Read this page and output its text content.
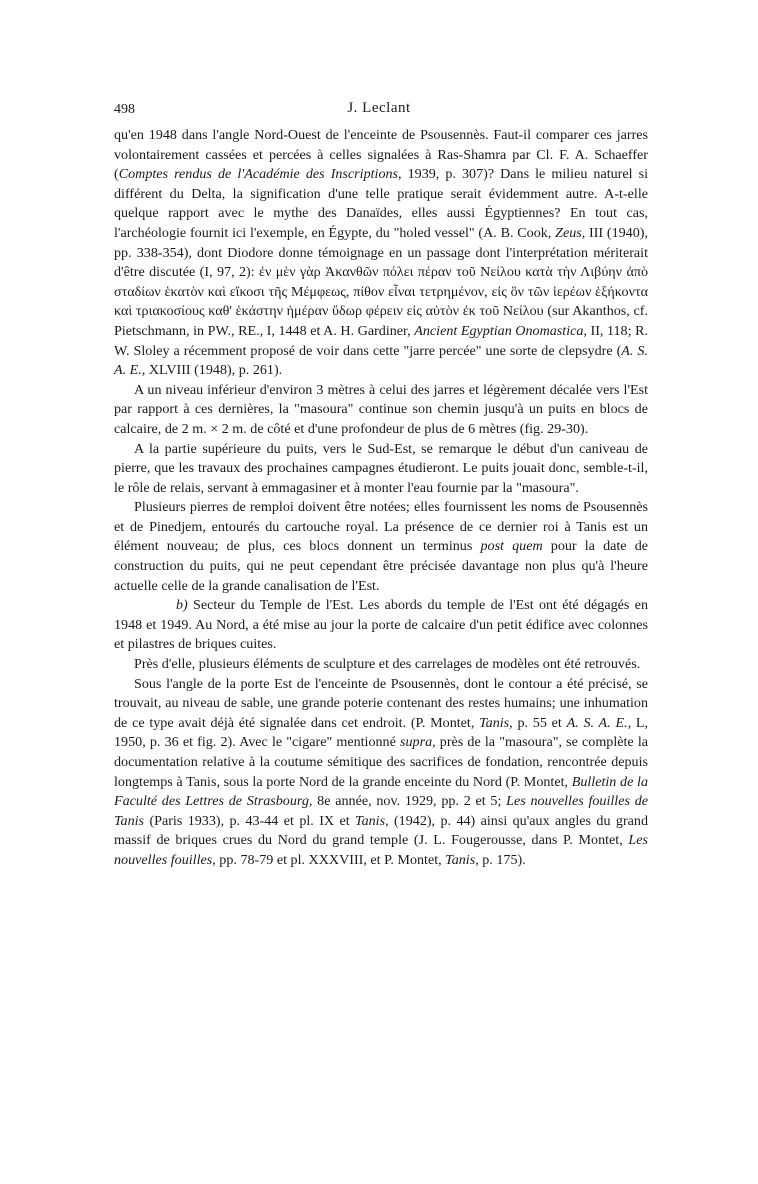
498	J. Leclant

qu'en 1948 dans l'angle Nord-Ouest de l'enceinte de Psousennès. Faut-il comparer ces jarres volontairement cassées et percées à celles signalées à Ras-Shamra par Cl. F. A. Schaeffer (Comptes rendus de l'Académie des Inscriptions, 1939, p. 307)? Dans le milieu naturel si différent du Delta, la signification d'une telle pratique serait évidemment autre. A-t-elle quelque rapport avec le mythe des Danaïdes, elles aussi Égyptiennes? En tout cas, l'archéologie fournit ici l'exemple, en Égypte, du "holed vessel" (A. B. Cook, Zeus, III (1940), pp. 338-354), dont Diodore donne témoignage en un passage dont l'interprétation mériterait d'être discutée (I, 97, 2): ἐν μὲν γὰρ Ἀκανθῶν πόλει πέραν τοῦ Νείλου κατὰ τὴν Λιβύην ἀπὸ σταδίων ἑκατὸν καὶ εἴκοσι τῆς Μέμφεως, πίθον εἶναι τετρημένον, εἰς ὃν τῶν ἱερέων ἑξήκοντα καὶ τριακοσίους καθ' ἑκάστην ἡμέραν ὕδωρ φέρειν εἰς αὐτὸν ἐκ τοῦ Νείλου (sur Akanthos, cf. Pietschmann, in PW., RE., I, 1448 et A. H. Gardiner, Ancient Egyptian Onomastica, II, 118; R. W. Sloley a récemment proposé de voir dans cette "jarre percée" une sorte de clepsydre (A. S. A. E., XLVIII (1948), p. 261).

A un niveau inférieur d'environ 3 mètres à celui des jarres et légèrement décalée vers l'Est par rapport à ces dernières, la "masoura" continue son chemin jusqu'à un puits en blocs de calcaire, de 2 m. × 2 m. de côté et d'une profondeur de plus de 6 mètres (fig. 29-30).

A la partie supérieure du puits, vers le Sud-Est, se remarque le début d'un caniveau de pierre, que les travaux des prochaines campagnes étudieront. Le puits jouait donc, semble-t-il, le rôle de relais, servant à emmagasiner et à monter l'eau fournie par la "masoura".

Plusieurs pierres de remploi doivent être notées; elles fournissent les noms de Psousennès et de Pinedjem, entourés du cartouche royal. La présence de ce dernier roi à Tanis est un élément nouveau; de plus, ces blocs donnent un terminus post quem pour la date de construction du puits, qui ne peut cependant être précisée davantage non plus qu'à l'heure actuelle celle de la grande canalisation de l'Est.

b) Secteur du Temple de l'Est. Les abords du temple de l'Est ont été dégagés en 1948 et 1949. Au Nord, a été mise au jour la porte de calcaire d'un petit édifice avec colonnes et pilastres de briques cuites.

Près d'elle, plusieurs éléments de sculpture et des carrelages de modèles ont été retrouvés.

Sous l'angle de la porte Est de l'enceinte de Psousennès, dont le contour a été précisé, se trouvait, au niveau de sable, une grande poterie contenant des restes humains; une inhumation de ce type avait déjà été signalée dans cet endroit. (P. Montet, Tanis, p. 55 et A. S. A. E., L, 1950, p. 36 et fig. 2). Avec le "cigare" mentionné supra, près de la "masoura", se complète la documentation relative à la coutume sémitique des sacrifices de fondation, rencontrée depuis longtemps à Tanis, sous la porte Nord de la grande enceinte du Nord (P. Montet, Bulletin de la Faculté des Lettres de Strasbourg, 8e année, nov. 1929, pp. 2 et 5; Les nouvelles fouilles de Tanis (Paris 1933), p. 43-44 et pl. IX et Tanis, (1942), p. 44) ainsi qu'aux angles du grand massif de briques crues du Nord du grand temple (J. L. Fougerousse, dans P. Montet, Les nouvelles fouilles, pp. 78-79 et pl. XXXVIII, et P. Montet, Tanis, p. 175).
